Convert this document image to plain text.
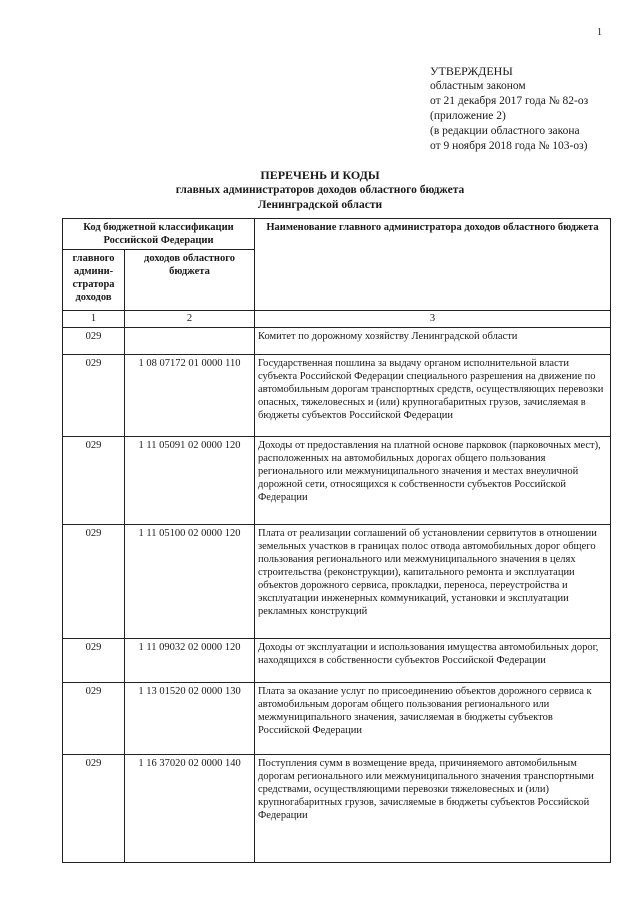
1
УТВЕРЖДЕНЫ
областным законом
от 21 декабря 2017 года № 82-оз
(приложение 2)
(в редакции областного закона
от 9 ноября 2018 года № 103-оз)
ПЕРЕЧЕНЬ И КОДЫ
главных администраторов доходов областного бюджета
Ленинградской области
Код бюджетной классификации Российской Федерации		Наименование главного администратора доходов областного бюджета
главного админи-стратора доходов	доходов областного бюджета	
1	2	3
029		Комитет по дорожному хозяйству Ленинградской области
029	1 08 07172 01 0000 110	Государственная пошлина за выдачу органом исполнительной власти субъекта Российской Федерации специального разрешения на движение по автомобильным дорогам транспортных средств, осуществляющих перевозки опасных, тяжеловесных и (или) крупногабаритных грузов, зачисляемая в бюджеты субъектов Российской Федерации
029	1 11 05091 02 0000 120	Доходы от предоставления на платной основе парковок (парковочных мест), расположенных на автомобильных дорогах общего пользования регионального или межмуниципального значения и местах внеуличной дорожной сети, относящихся к собственности субъектов Российской Федерации
029	1 11 05100 02 0000 120	Плата от реализации соглашений об установлении сервитутов в отношении земельных участков в границах полос отвода автомобильных дорог общего пользования регионального или межмуниципального значения в целях строительства (реконструкции), капитального ремонта и эксплуатации объектов дорожного сервиса, прокладки, переноса, переустройства и эксплуатации инженерных коммуникаций, установки и эксплуатации рекламных конструкций
029	1 11 09032 02 0000 120	Доходы от эксплуатации и использования имущества автомобильных дорог, находящихся в собственности субъектов Российской Федерации
029	1 13 01520 02 0000 130	Плата за оказание услуг по присоединению объектов дорожного сервиса к автомобильным дорогам общего пользования регионального или межмуниципального значения, зачисляемая в бюджеты субъектов Российской Федерации
029	1 16 37020 02 0000 140	Поступления сумм в возмещение вреда, причиняемого автомобильным дорогам регионального или межмуниципального значения транспортными средствами, осуществляющими перевозки тяжеловесных и (или) крупногабаритных грузов, зачисляемые в бюджеты субъектов Российской Федерации
